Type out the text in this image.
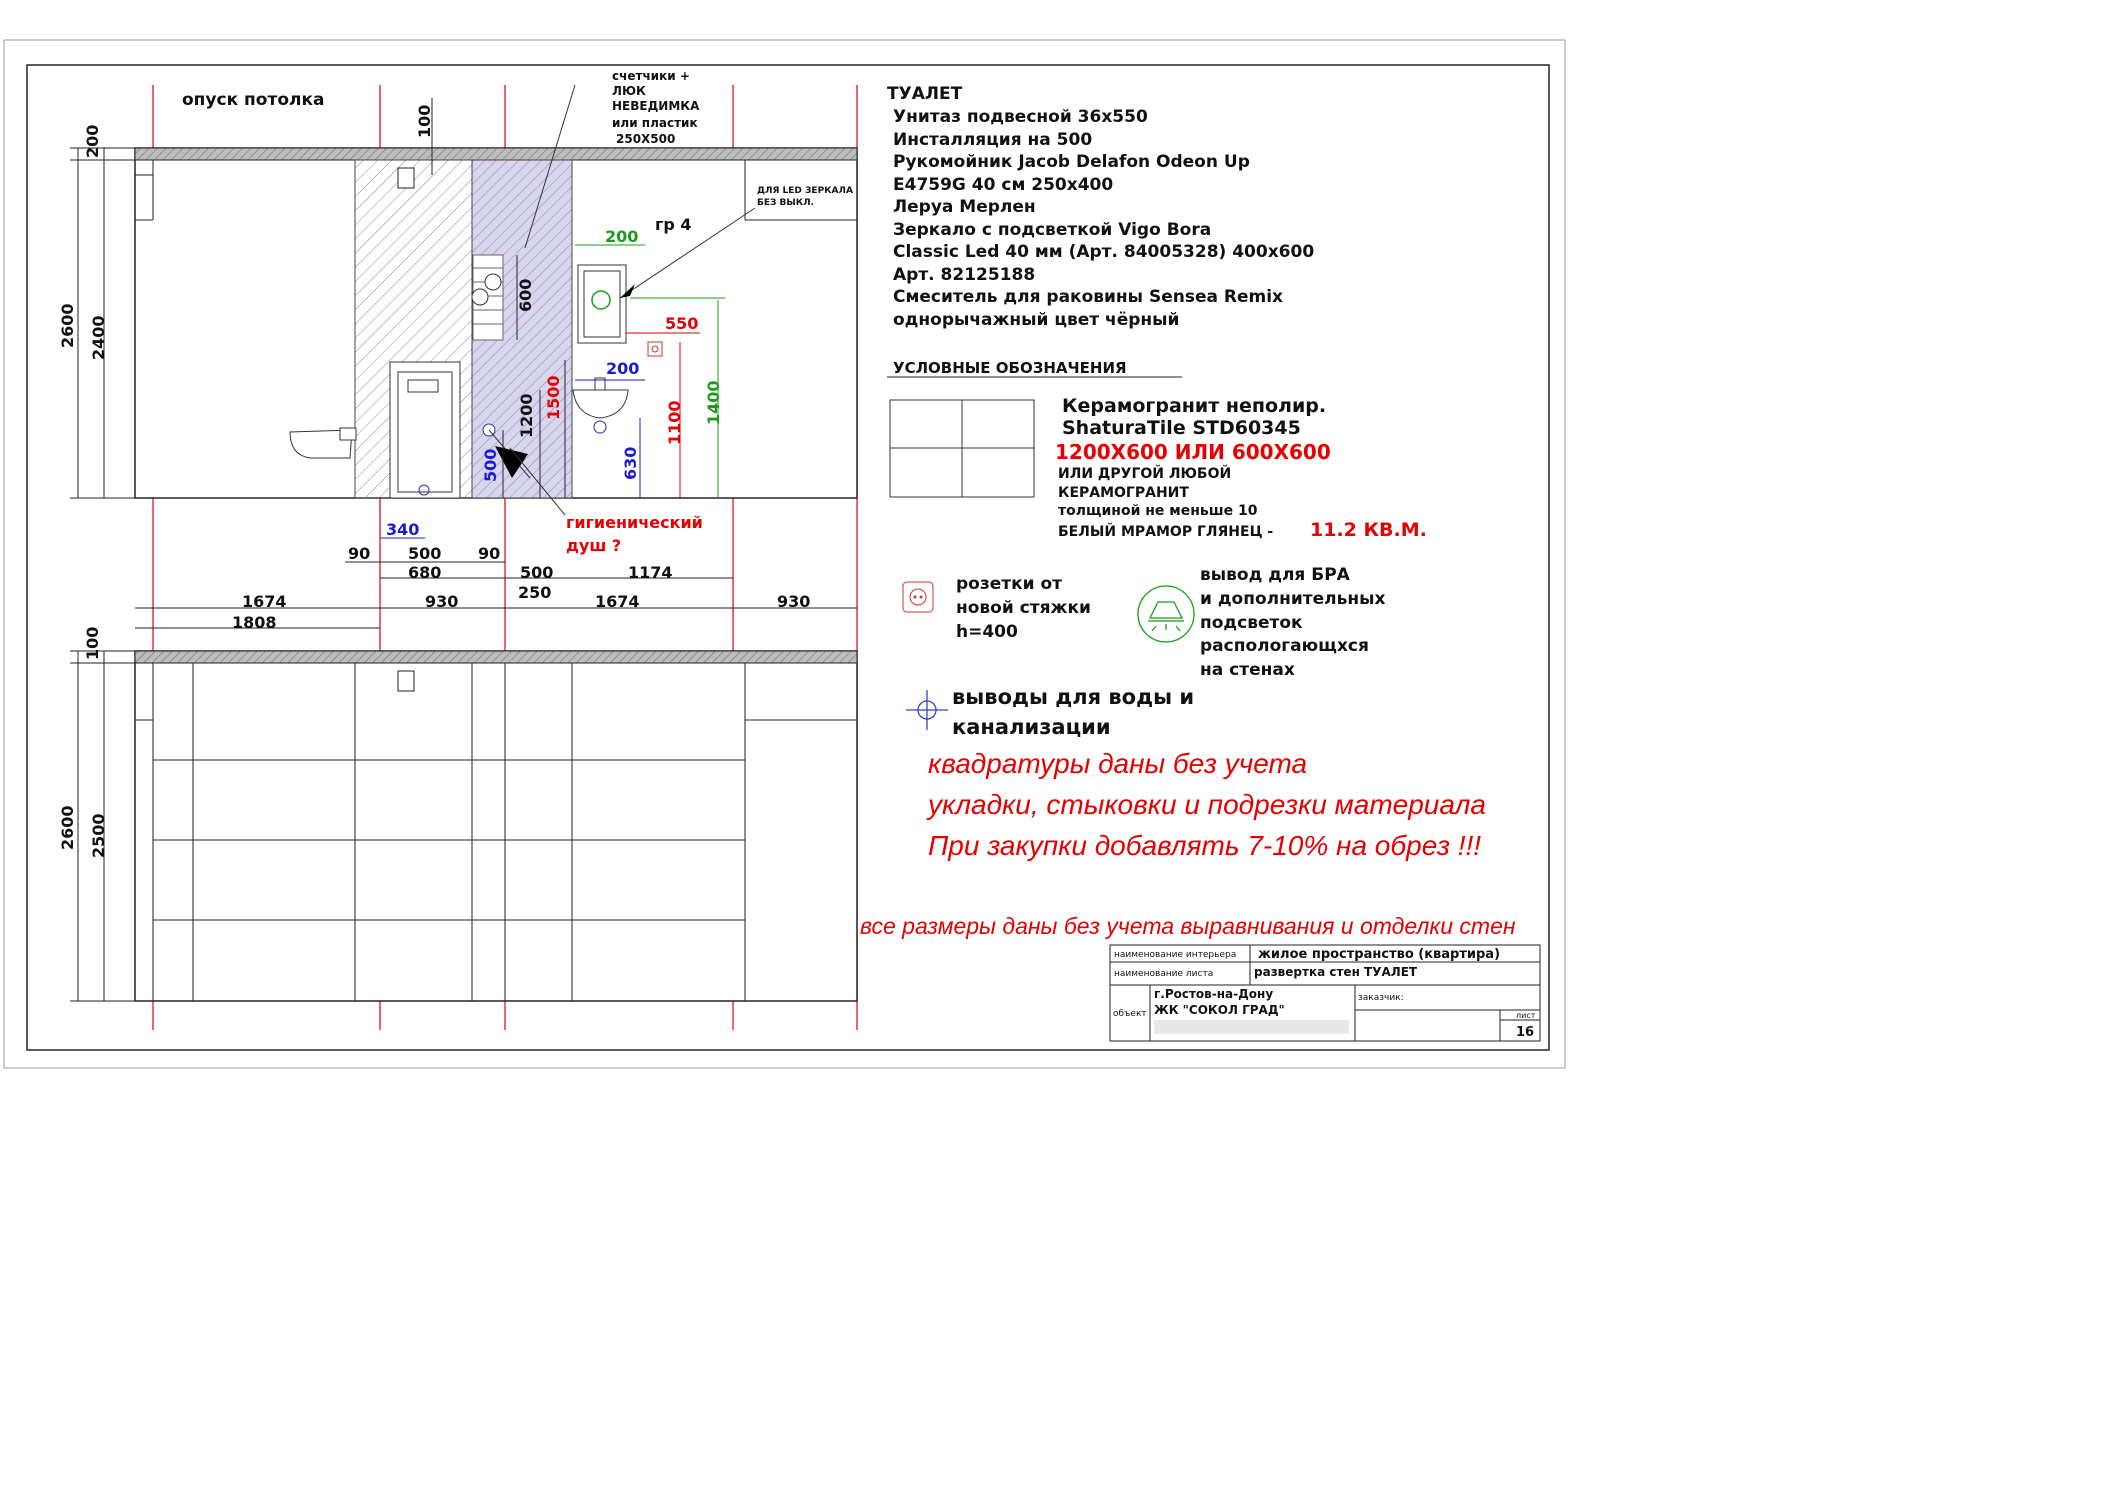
опуск потолка
счетчики +
ЛЮК
НЕВЕДИМКА
или пластик
250X500
ДЛЯ LED ЗЕРКАЛА
БЕЗ ВЫКЛ.
гр 4
гигиенический
душ ?
200
100
2600 2400
600
1200 1500
500
1100 1400
630
200
550
200
340
90 500 90
680	500	1174
250
1674	930	1674	930
1808
100
2600 2500
ТУАЛЕТ
Унитаз подвесной 36x550
Инсталляция на 500
Рукомойник Jacob Delafon Odeon Up
E4759G 40 см 250x400
Леруа Мерлен
Зеркало с подсветкой Vigo Bora
Classic Led 40 мм (Арт. 84005328) 400x600
Арт. 82125188
Смеситель для раковины Sensea Remix
однорычажный цвет чёрный
УСЛОВНЫЕ ОБОЗНАЧЕНИЯ
Керамогранит неполир.
ShaturaTile STD60345
1200X600 ИЛИ 600X600
ИЛИ ДРУГОЙ ЛЮБОЙ
КЕРАМОГРАНИТ
толщиной не меньше 10
БЕЛЫЙ МРАМОР ГЛЯНЕЦ - 11.2 КВ.М.
розетки от
новой стяжки
h=400
вывод для БРА
и дополнительных
подсветок
распологающхся
на стенах
выводы для воды и
канализации
квадратуры даны без учета
укладки, стыковки и подрезки материала
При закупки добавлять 7-10% на обрез !!!
все размеры даны без учета выравнивания и отделки стен
наименование интерьера жилое пространство (квартира)
наименование листа	развертка стен ТУАЛЕТ
объект
г.Ростов-на-Дону
ЖК "СОКОЛ ГРАД"
заказчик:
лист
16
